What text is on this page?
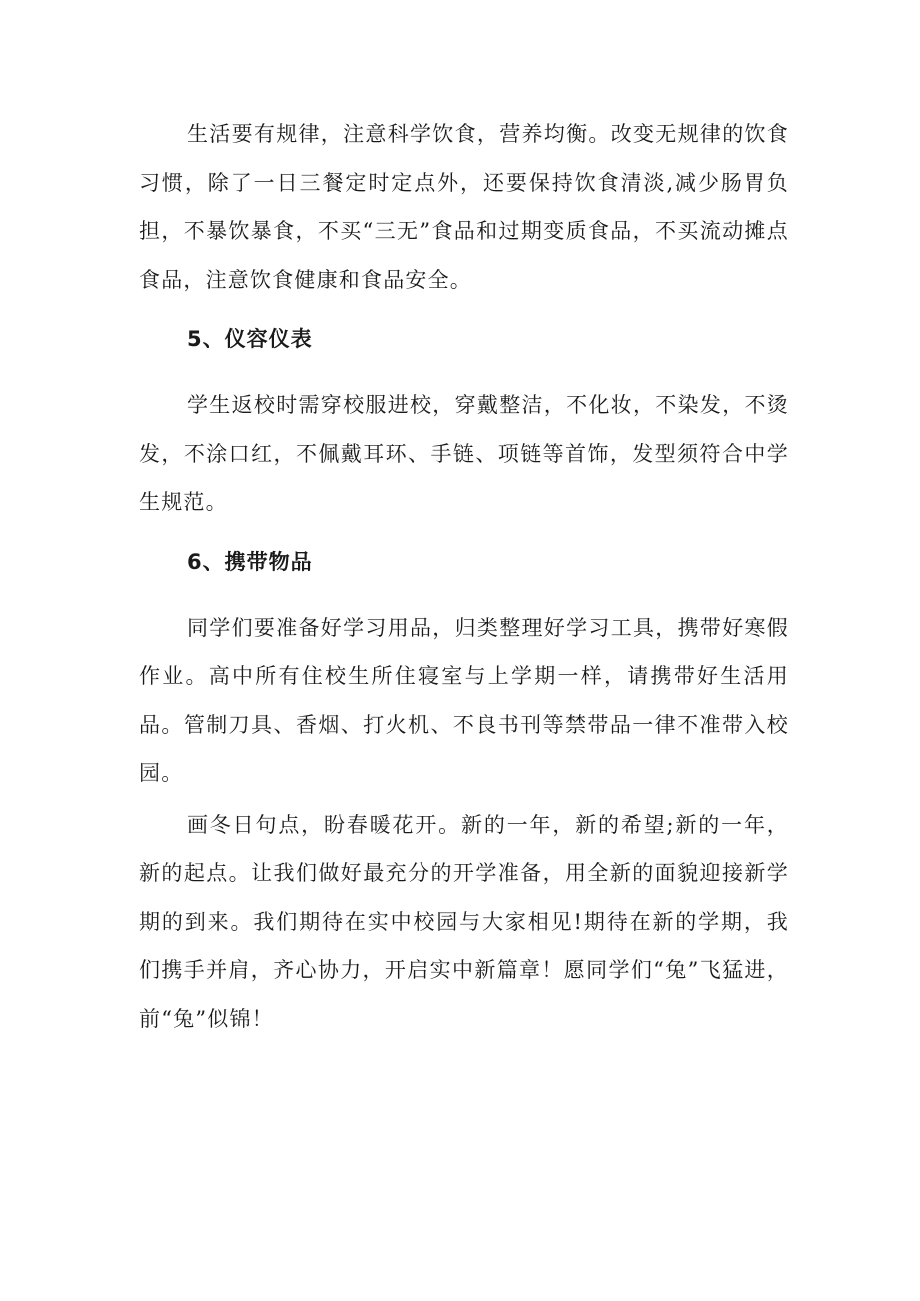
生活要有规律，注意科学饮食，营养均衡。改变无规律的饮食习惯，除了一日三餐定时定点外，还要保持饮食清淡,减少肠胃负担，不暴饮暴食，不买“三无”食品和过期变质食品，不买流动摊点食品，注意饮食健康和食品安全。

5、仪容仪表

学生返校时需穿校服进校，穿戴整洁，不化妆，不染发，不烫发，不涂口红，不佩戴耳环、手链、项链等首饰，发型须符合中学生规范。

6、携带物品

同学们要准备好学习用品，归类整理好学习工具，携带好寒假作业。高中所有住校生所住寝室与上学期一样，请携带好生活用品。管制刀具、香烟、打火机、不良书刊等禁带品一律不准带入校园。

画冬日句点，盼春暖花开。新的一年，新的希望;新的一年，新的起点。让我们做好最充分的开学准备，用全新的面貌迎接新学期的到来。我们期待在实中校园与大家相见!期待在新的学期，我们携手并肩，齐心协力，开启实中新篇章！愿同学们“兔”飞猛进，前“兔”似锦！
